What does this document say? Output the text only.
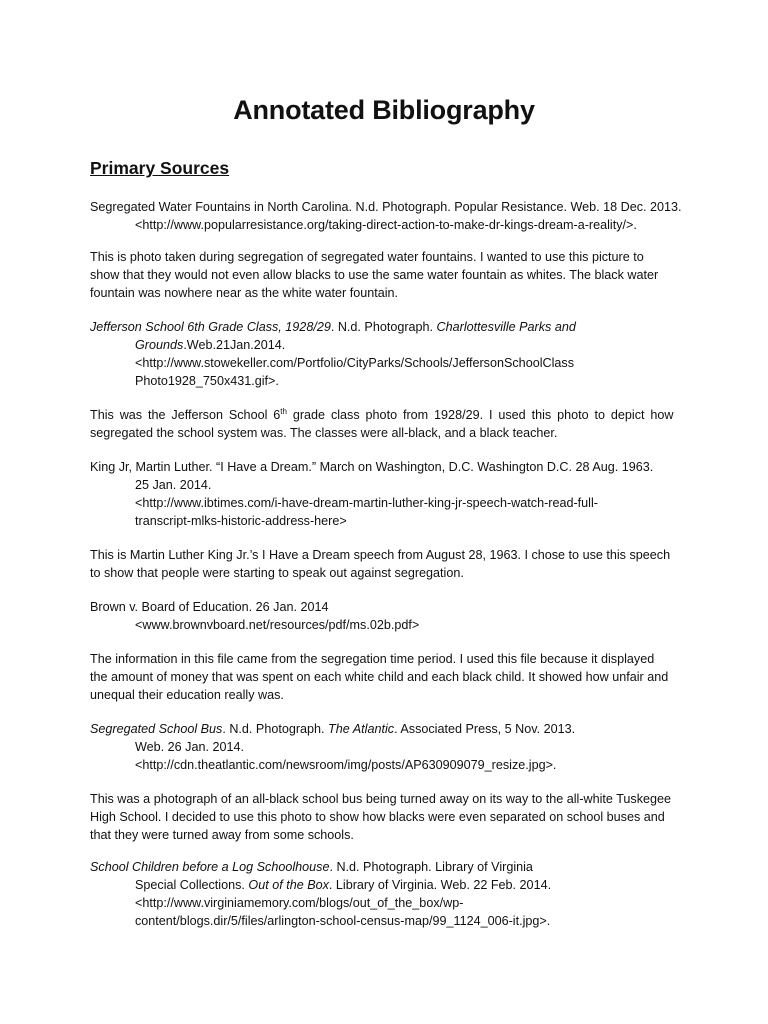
Annotated Bibliography
Primary Sources
Segregated Water Fountains in North Carolina. N.d. Photograph. Popular Resistance. Web. 18 Dec. 2013.
<http://www.popularresistance.org/taking-direct-action-to-make-dr-kings-dream-a-reality/>.
This is photo taken during segregation of segregated water fountains. I wanted to use this picture to
show that they would not even allow blacks to use the same water fountain as whites. The black water
fountain was nowhere near as the white water fountain.
Jefferson School 6th Grade Class, 1928/29. N.d. Photograph. Charlottesville Parks and
Grounds.Web.21Jan.2014.
<http://www.stowekeller.com/Portfolio/CityParks/Schools/JeffersonSchoolClass
Photo1928_750x431.gif>.
This was the Jefferson School 6th grade class photo from 1928/29. I used this photo to depict how
segregated the school system was. The classes were all-black, and a black teacher.
King Jr, Martin Luther. “I Have a Dream.” March on Washington, D.C. Washington D.C. 28 Aug. 1963.
25 Jan. 2014.
<http://www.ibtimes.com/i-have-dream-martin-luther-king-jr-speech-watch-read-full-
transcript-mlks-historic-address-here>
This is Martin Luther King Jr.’s I Have a Dream speech from August 28, 1963. I chose to use this speech
to show that people were starting to speak out against segregation.
Brown v. Board of Education. 26 Jan. 2014
<www.brownvboard.net/resources/pdf/ms.02b.pdf>
The information in this file came from the segregation time period. I used this file because it displayed
the amount of money that was spent on each white child and each black child. It showed how unfair and
unequal their education really was.
Segregated School Bus. N.d. Photograph. The Atlantic. Associated Press, 5 Nov. 2013.
Web. 26 Jan. 2014.
<http://cdn.theatlantic.com/newsroom/img/posts/AP630909079_resize.jpg>.
This was a photograph of an all-black school bus being turned away on its way to the all-white Tuskegee
High School. I decided to use this photo to show how blacks were even separated on school buses and
that they were turned away from some schools.
School Children before a Log Schoolhouse. N.d. Photograph. Library of Virginia
Special Collections. Out of the Box. Library of Virginia. Web. 22 Feb. 2014.
<http://www.virginiamemory.com/blogs/out_of_the_box/wp-
content/blogs.dir/5/files/arlington-school-census-map/99_1124_006-it.jpg>.
